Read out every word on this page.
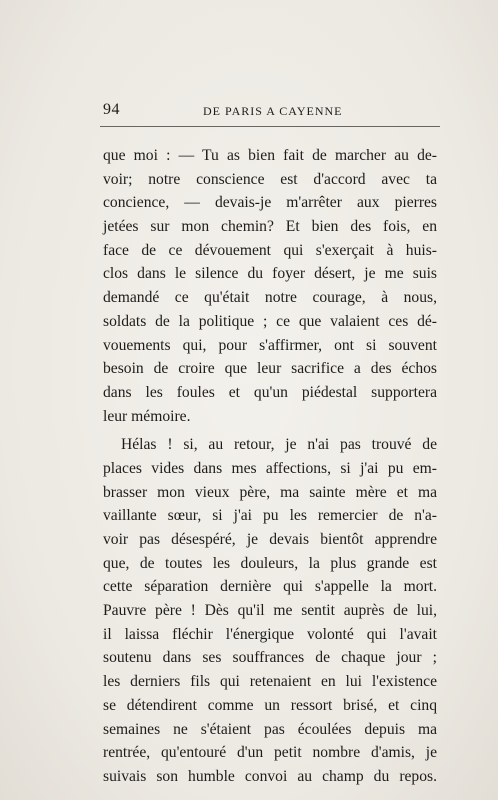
94	DE PARIS A CAYENNE
que moi : — Tu as bien fait de marcher au de-
voir; notre conscience est d'accord avec ta
concience, — devais-je m'arrêter aux pierres
jetées sur mon chemin? Et bien des fois, en
face de ce dévouement qui s'exerçait à huis-
clos dans le silence du foyer désert, je me suis
demandé ce qu'était notre courage, à nous,
soldats de la politique ; ce que valaient ces dé-
vouements qui, pour s'affirmer, ont si souvent
besoin de croire que leur sacrifice a des échos
dans les foules et qu'un piédestal supportera
leur mémoire.
Hélas ! si, au retour, je n'ai pas trouvé de
places vides dans mes affections, si j'ai pu em-
brasser mon vieux père, ma sainte mère et ma
vaillante sœur, si j'ai pu les remercier de n'a-
voir pas désespéré, je devais bientôt apprendre
que, de toutes les douleurs, la plus grande est
cette séparation dernière qui s'appelle la mort.
Pauvre père ! Dès qu'il me sentit auprès de lui,
il laissa fléchir l'énergique volonté qui l'avait
soutenu dans ses souffrances de chaque jour ;
les derniers fils qui retenaient en lui l'existence
se détendirent comme un ressort brisé, et cinq
semaines ne s'étaient pas écoulées depuis ma
rentrée, qu'entouré d'un petit nombre d'amis, je
suivais son humble convoi au champ du repos.
